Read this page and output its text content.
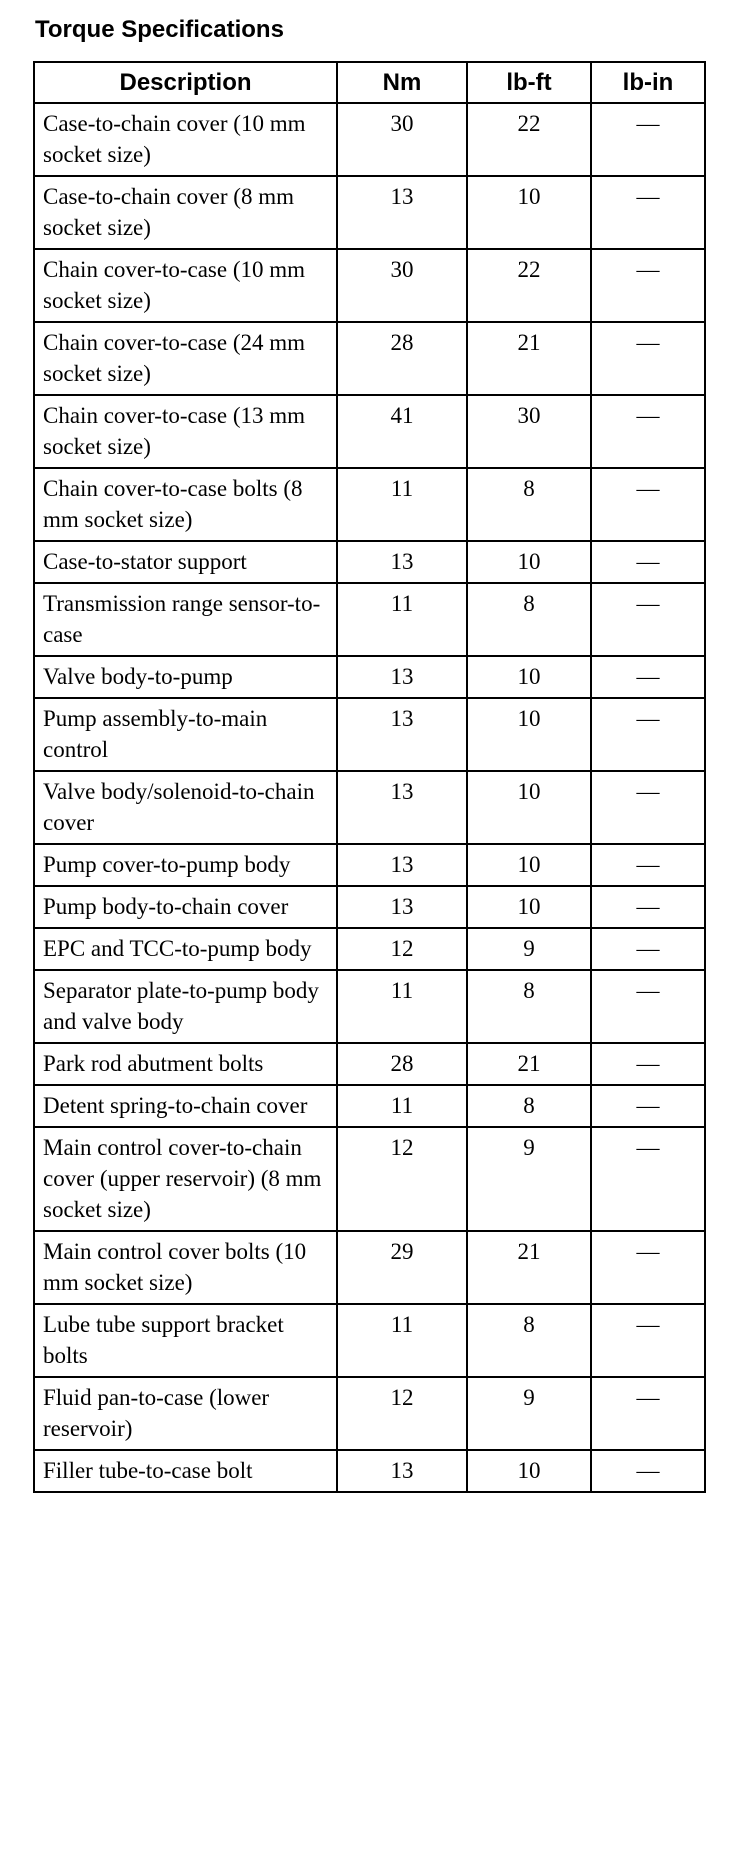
Torque Specifications
Description	Nm	lb-ft	lb-in
Case-to-chain cover (10 mm socket size)	30	22	—
Case-to-chain cover (8 mm socket size)	13	10	—
Chain cover-to-case (10 mm socket size)	30	22	—
Chain cover-to-case (24 mm socket size)	28	21	—
Chain cover-to-case (13 mm socket size)	41	30	—
Chain cover-to-case bolts (8 mm socket size)	11	8	—
Case-to-stator support	13	10	—
Transmission range sensor-to-case	11	8	—
Valve body-to-pump	13	10	—
Pump assembly-to-main control	13	10	—
Valve body/solenoid-to-chain cover	13	10	—
Pump cover-to-pump body	13	10	—
Pump body-to-chain cover	13	10	—
EPC and TCC-to-pump body	12	9	—
Separator plate-to-pump body and valve body	11	8	—
Park rod abutment bolts	28	21	—
Detent spring-to-chain cover	11	8	—
Main control cover-to-chain cover (upper reservoir) (8 mm socket size)	12	9	—
Main control cover bolts (10 mm socket size)	29	21	—
Lube tube support bracket bolts	11	8	—
Fluid pan-to-case (lower reservoir)	12	9	—
Filler tube-to-case bolt	13	10	—
